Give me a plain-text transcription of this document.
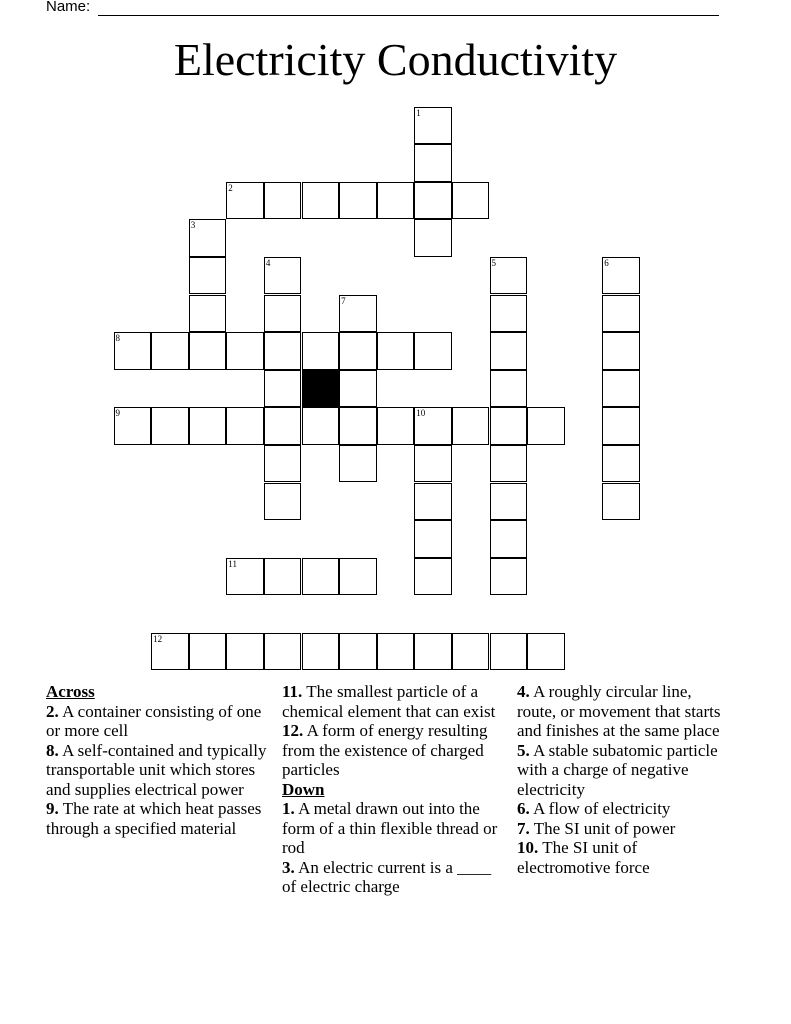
Name:
Electricity Conductivity
1
2
3
4	5	6
7
8
9	10
11
12
Across
2. A container consisting of one or more cell
8. A self-contained and typically transportable unit which stores and supplies electrical power
9. The rate at which heat passes through a specified material
11. The smallest particle of a chemical element that can exist
12. A form of energy resulting from the existence of charged particles
Down
1. A metal drawn out into the form of a thin flexible thread or rod
3. An electric current is a ____ of electric charge
4. A roughly circular line, route, or movement that starts and finishes at the same place
5. A stable subatomic particle with a charge of negative electricity
6. A flow of electricity
7. The SI unit of power
10. The SI unit of electromotive force
